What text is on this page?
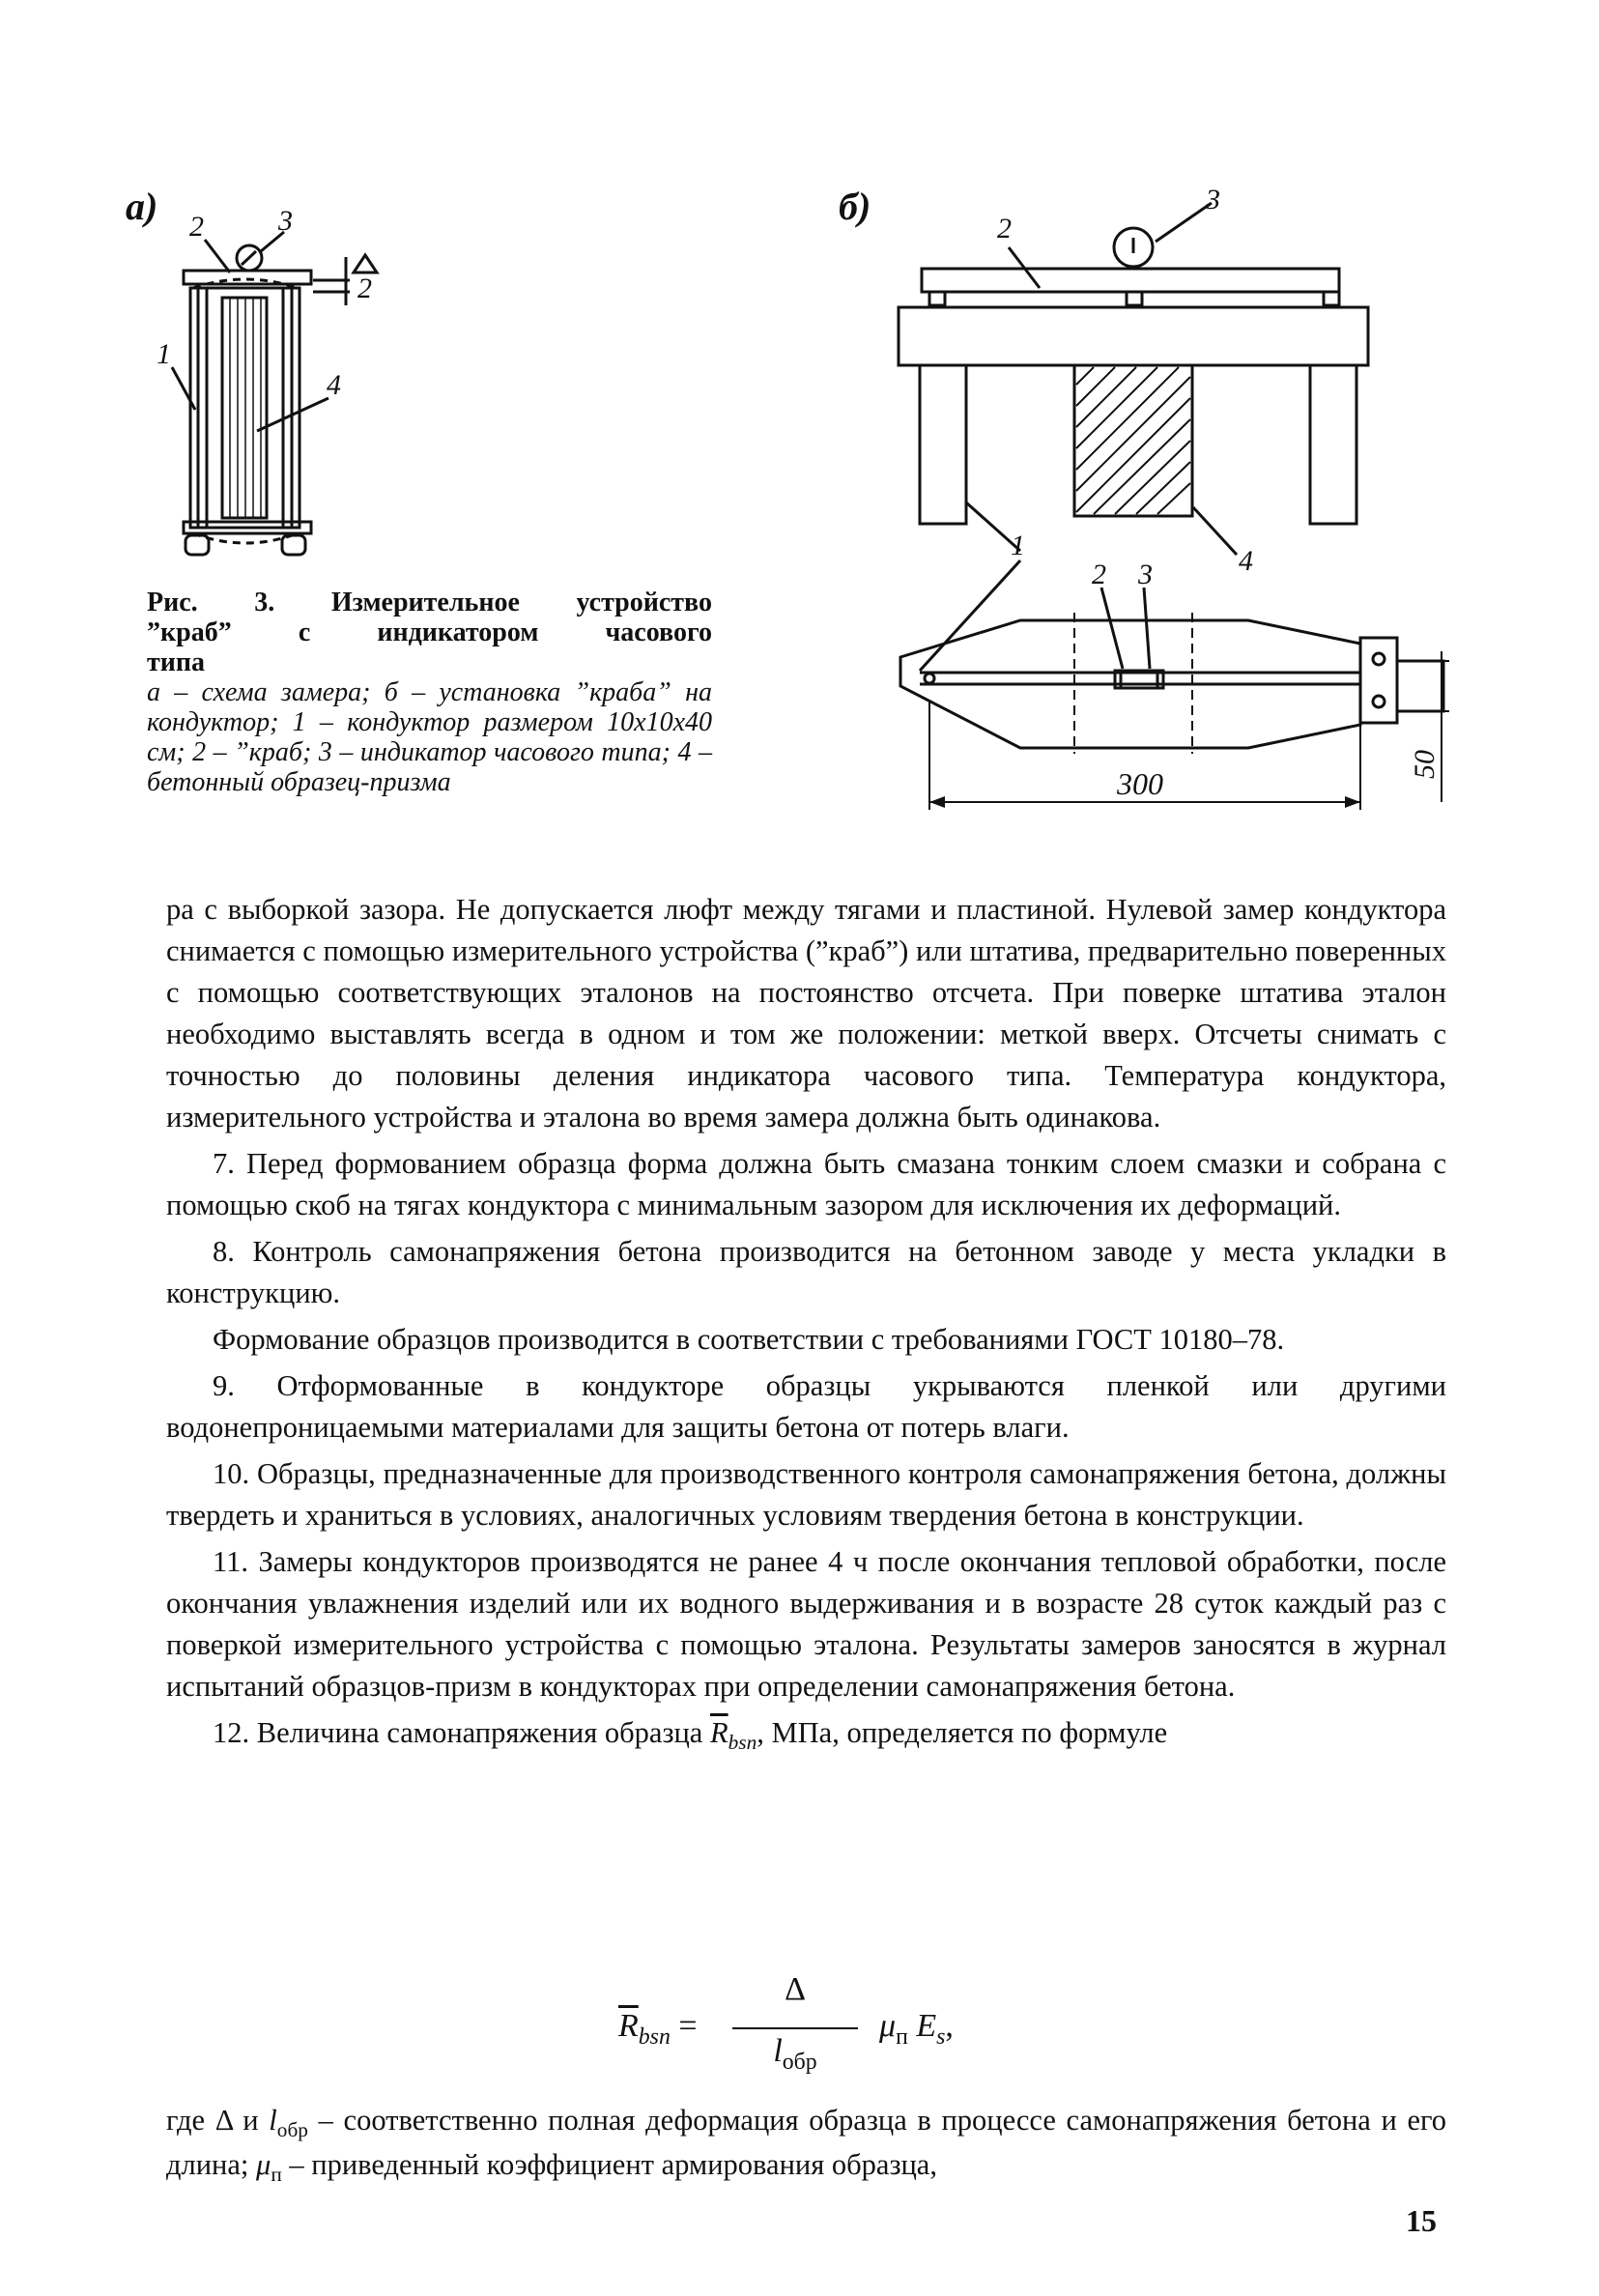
2	3
1
4
2
а)
2
3
1	4
2 3
300
50
б)
Рис. 3. Измерительное устройство
”краб” с индикатором часового
типа
а – схема замера; б – установка ”краба” на кондуктор; 1 – кондуктор размером 10x10x40 см; 2 – ”краб; 3 – индикатор часового типа; 4 – бетонный образец-призма

ра с выборкой зазора. Не допускается люфт между тягами и пластиной. Нулевой замер кондуктора снимается с помощью измерительного устройства (”краб”) или штатива, предварительно поверенных с помощью соответствующих эталонов на постоянство отсчета. При поверке штатива эталон необходимо выставлять всегда в одном и том же положении: меткой вверх. Отсчеты снимать с точностью до половины деления индикатора часового типа. Температура кондуктора, измерительного устройства и эталона во время замера должна быть одинакова.

7. Перед формованием образца форма должна быть смазана тонким слоем смазки и собрана с помощью скоб на тягах кондуктора с минимальным зазором для исключения их деформаций.

8. Контроль самонапряжения бетона производится на бетонном заводе у места укладки в конструкцию.

Формование образцов производится в соответствии с требованиями ГОСТ 10180–78.

9. Отформованные в кондукторе образцы укрываются пленкой или другими водонепроницаемыми материалами для защиты бетона от потерь влаги.

10. Образцы, предназначенные для производственного контроля самонапряжения бетона, должны твердеть и храниться в условиях, аналогичных условиям твердения бетона в конструкции.

11. Замеры кондукторов производятся не ранее 4 ч после окончания тепловой обработки, после окончания увлажнения изделий или их водного выдерживания и в возрасте 28 суток каждый раз с поверкой измерительного устройства с помощью эталона. Результаты замеров заносятся в журнал испытаний образцов-призм в кондукторах при определении самонапряжения бетона.

12. Величина самонапряжения образца $\overline{R}_{bsn}$, МПа, определяется по формуле

$\overline{R}_{bsn}$ =
Δ
$l_{обр}$
$\mu_п$ $E_s$,

где Δ и $l_{обр}$ – соответственно полная деформация образца в процессе самонапряжения бетона и его длина; $\mu_п$ – приведенный коэффициент армирования образца,

15
